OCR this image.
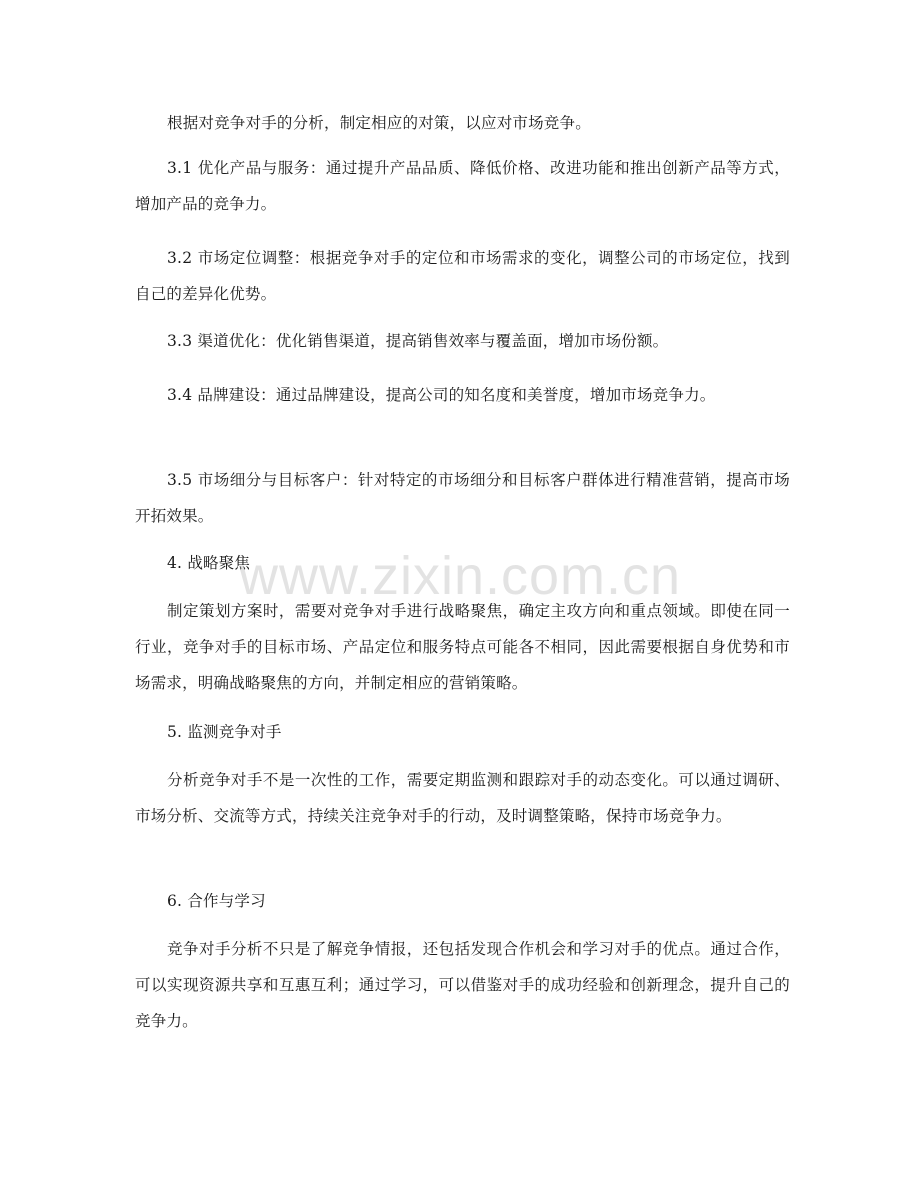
根据对竞争对手的分析，制定相应的对策，以应对市场竞争。

3.1 优化产品与服务：通过提升产品品质、降低价格、改进功能和推出创新产品等方式，增加产品的竞争力。

3.2 市场定位调整：根据竞争对手的定位和市场需求的变化，调整公司的市场定位，找到自己的差异化优势。

3.3 渠道优化：优化销售渠道，提高销售效率与覆盖面，增加市场份额。

3.4 品牌建设：通过品牌建设，提高公司的知名度和美誉度，增加市场竞争力。

3.5 市场细分与目标客户：针对特定的市场细分和目标客户群体进行精准营销，提高市场开拓效果。

4. 战略聚焦

制定策划方案时，需要对竞争对手进行战略聚焦，确定主攻方向和重点领域。即使在同一行业，竞争对手的目标市场、产品定位和服务特点可能各不相同，因此需要根据自身优势和市场需求，明确战略聚焦的方向，并制定相应的营销策略。

5. 监测竞争对手

分析竞争对手不是一次性的工作，需要定期监测和跟踪对手的动态变化。可以通过调研、市场分析、交流等方式，持续关注竞争对手的行动，及时调整策略，保持市场竞争力。

6. 合作与学习

竞争对手分析不只是了解竞争情报，还包括发现合作机会和学习对手的优点。通过合作，可以实现资源共享和互惠互利；通过学习，可以借鉴对手的成功经验和创新理念，提升自己的竞争力。

www.zixin.com.cn
